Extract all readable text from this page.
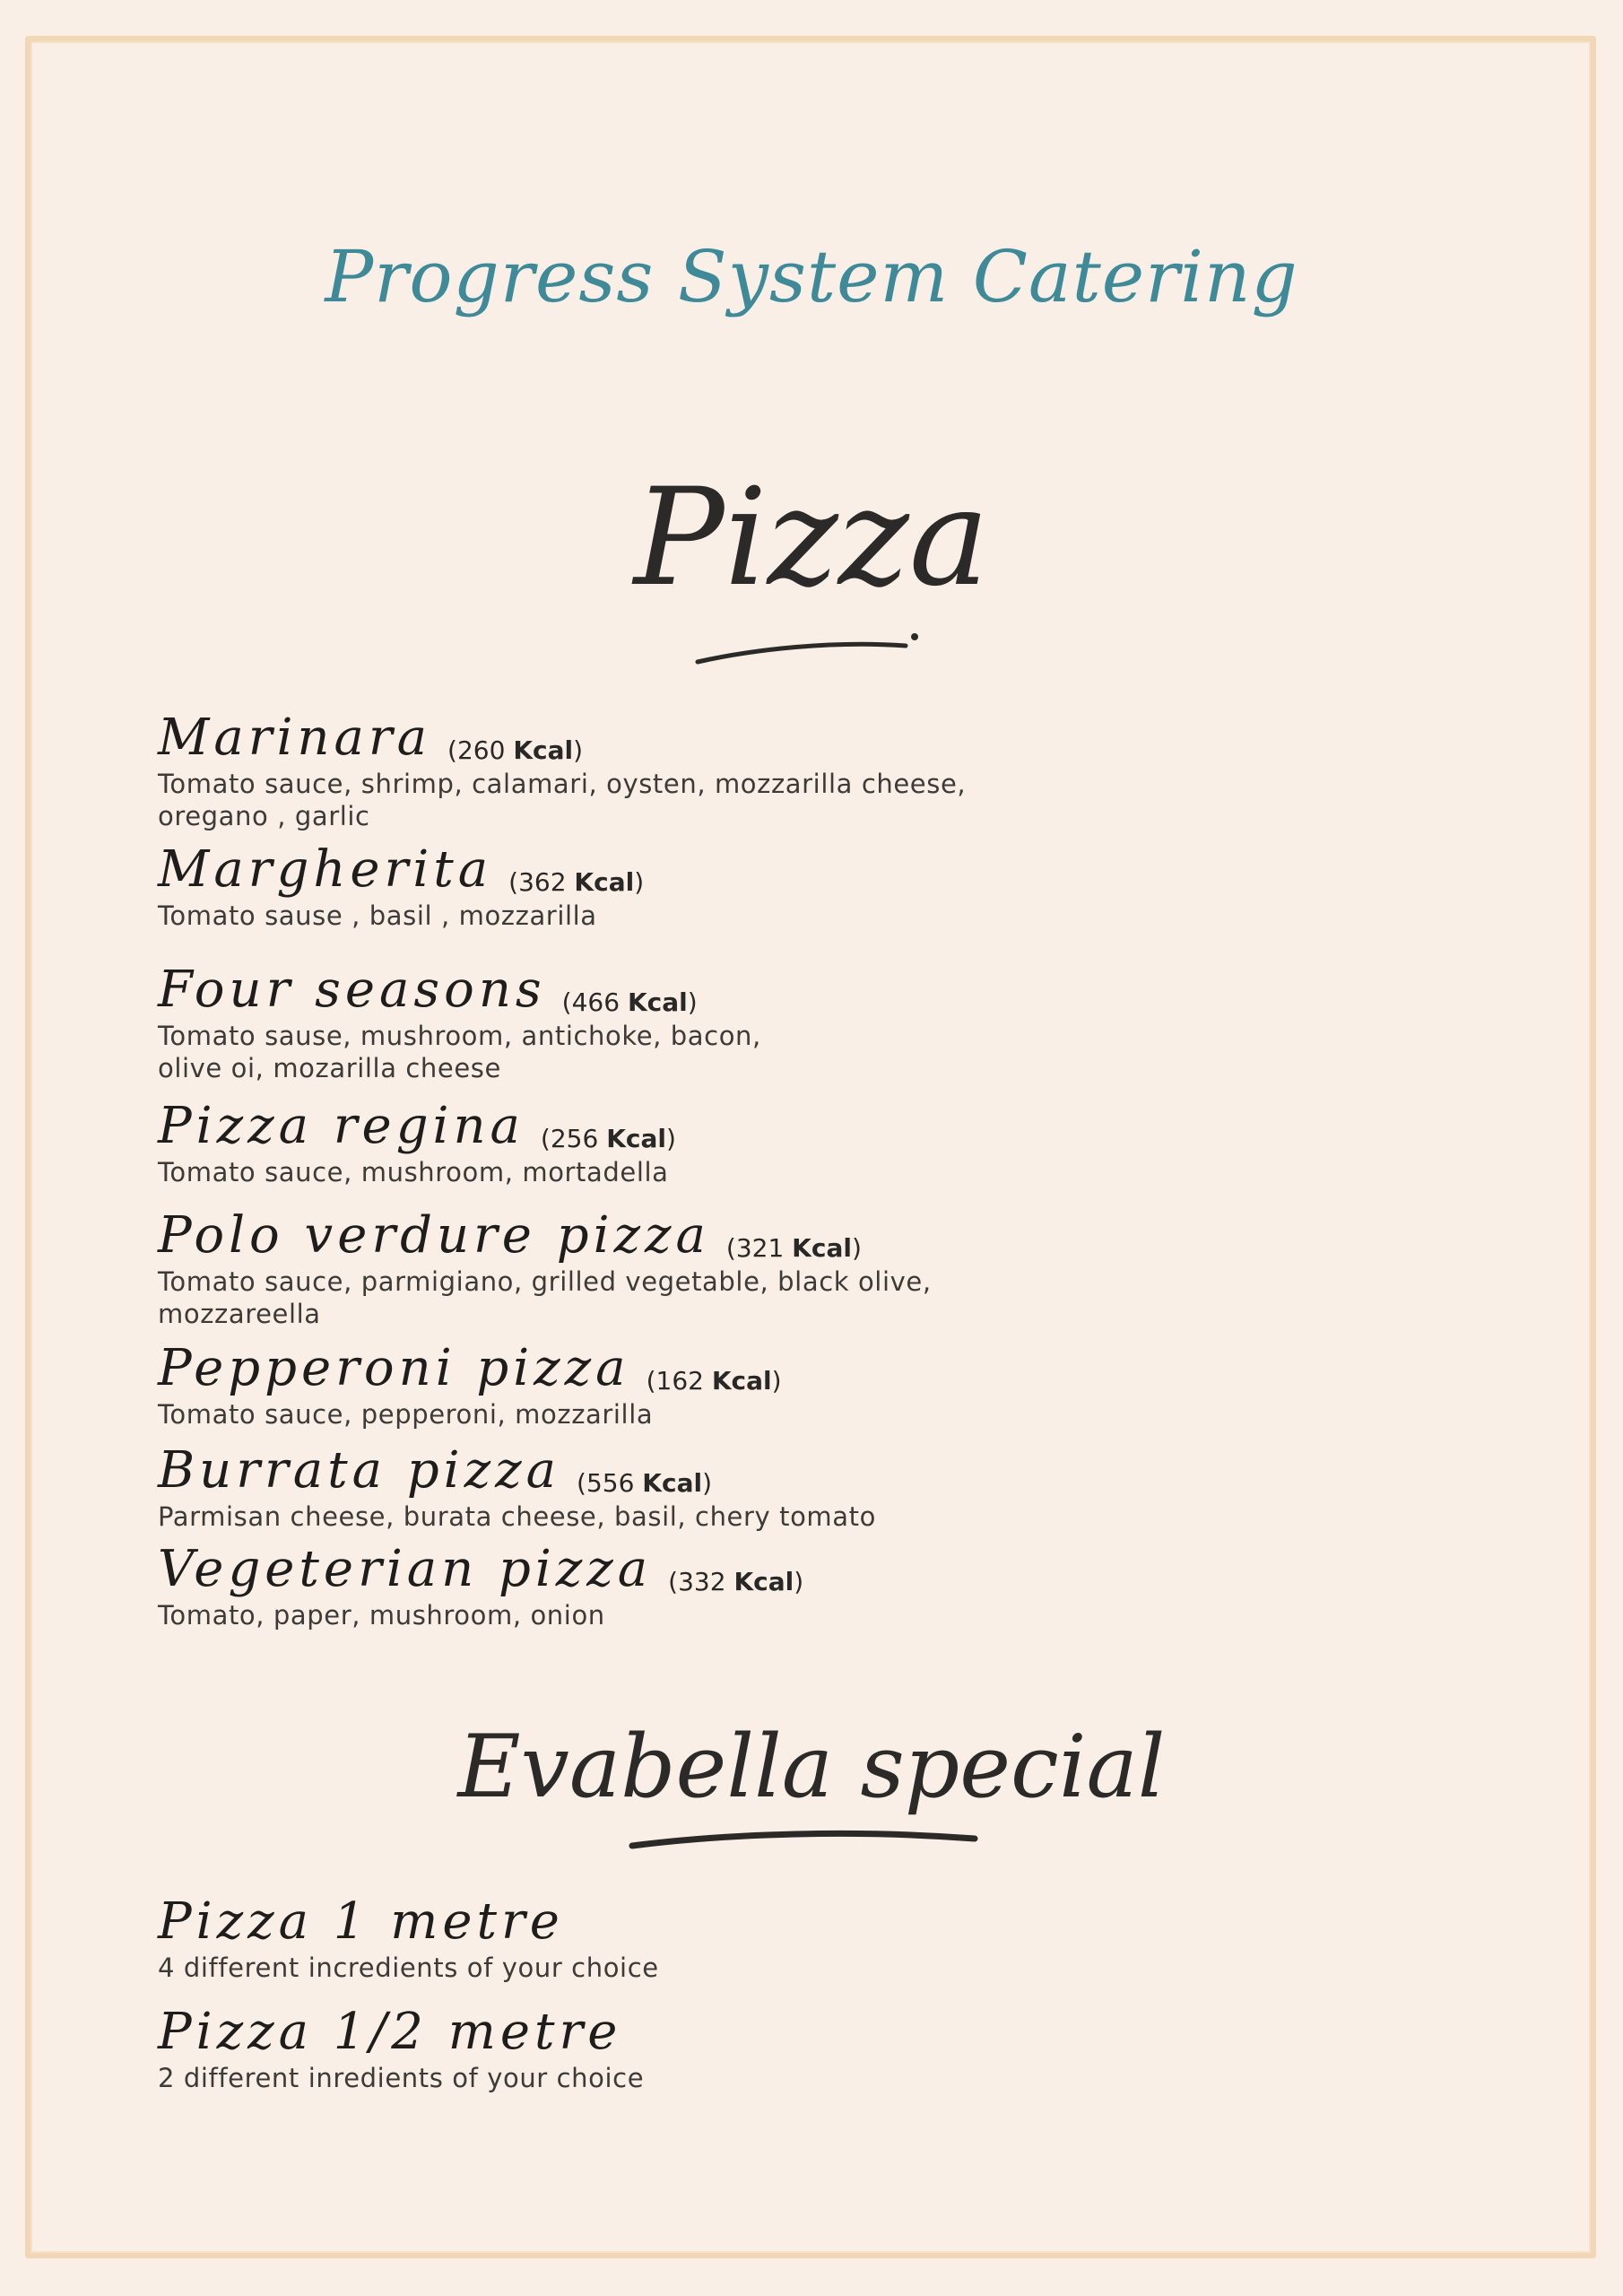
Progress System Catering
Pizza
Marinara (260 Kcal)
Tomato sauce, shrimp, calamari, oysten, mozzarilla cheese, oregano , garlic
Margherita (362 Kcal)
Tomato sause , basil , mozzarilla
Four seasons (466 Kcal)
Tomato sause, mushroom, antichoke, bacon, olive oi, mozarilla cheese
Pizza regina (256 Kcal)
Tomato sauce, mushroom, mortadella
Polo verdure pizza (321 Kcal)
Tomato sauce, parmigiano, grilled vegetable, black olive, mozzareella
Pepperoni pizza (162 Kcal)
Tomato sauce, pepperoni, mozzarilla
Burrata pizza (556 Kcal)
Parmisan cheese, burata cheese, basil, chery tomato
Vegeterian pizza (332 Kcal)
Tomato, paper, mushroom, onion
Evabella special
Pizza 1 metre
4 different incredients of your choice
Pizza 1/2 metre
2 different inredients of your choice
